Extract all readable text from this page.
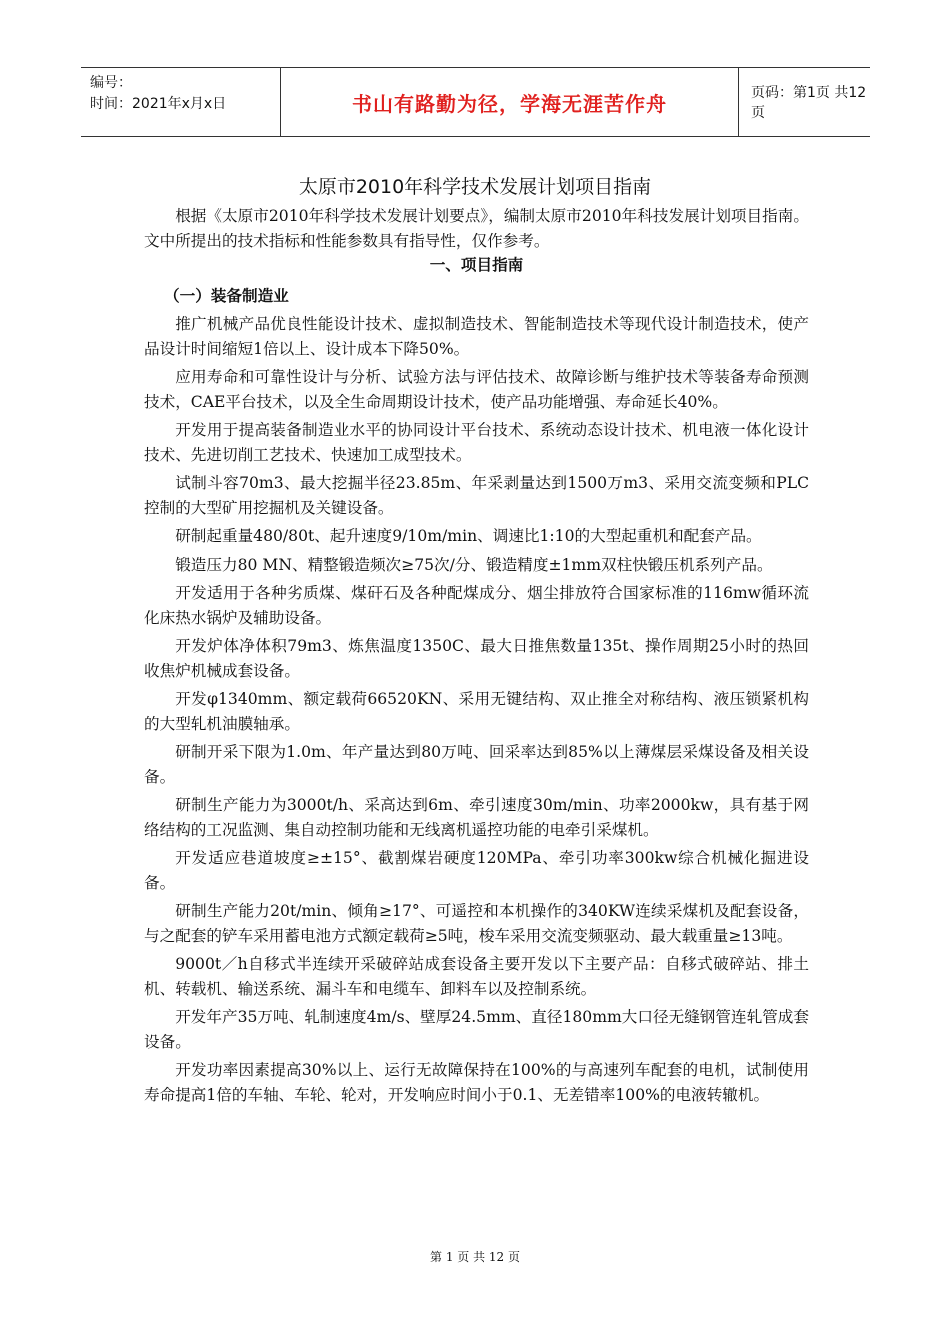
编号：
时间：2021年x月x日	书山有路勤为径，学海无涯苦作舟	页码：第1页 共12页
太原市2010年科学技术发展计划项目指南

根据《太原市2010年科学技术发展计划要点》，编制太原市2010年科技发展计划项目指南。文中所提出的技术指标和性能参数具有指导性，仅作参考。

一、项目指南
（一）装备制造业

推广机械产品优良性能设计技术、虚拟制造技术、智能制造技术等现代设计制造技术，使产品设计时间缩短1倍以上、设计成本下降50%。

应用寿命和可靠性设计与分析、试验方法与评估技术、故障诊断与维护技术等装备寿命预测技术，CAE平台技术，以及全生命周期设计技术，使产品功能增强、寿命延长40%。

开发用于提高装备制造业水平的协同设计平台技术、系统动态设计技术、机电液一体化设计技术、先进切削工艺技术、快速加工成型技术。

试制斗容70m3、最大挖掘半径23.85m、年采剥量达到1500万m3、采用交流变频和PLC控制的大型矿用挖掘机及关键设备。

研制起重量480/80t、起升速度9/10m/min、调速比1:10的大型起重机和配套产品。

锻造压力80 MN、精整锻造频次≥75次/分、锻造精度±1mm双柱快锻压机系列产品。

开发适用于各种劣质煤、煤矸石及各种配煤成分、烟尘排放符合国家标准的116mw循环流化床热水锅炉及辅助设备。

开发炉体净体积79m3、炼焦温度1350C、最大日推焦数量135t、操作周期25小时的热回收焦炉机械成套设备。

开发φ1340mm、额定载荷66520KN、采用无键结构、双止推全对称结构、液压锁紧机构的大型轧机油膜轴承。

研制开采下限为1.0m、年产量达到80万吨、回采率达到85%以上薄煤层采煤设备及相关设备。

研制生产能力为3000t/h、采高达到6m、牵引速度30m/min、功率2000kw，具有基于网络结构的工况监测、集自动控制功能和无线离机遥控功能的电牵引采煤机。

开发适应巷道坡度≥±15°、截割煤岩硬度120MPa、牵引功率300kw综合机械化掘进设备。

研制生产能力20t/min、倾角≥17°、可遥控和本机操作的340KW连续采煤机及配套设备，与之配套的铲车采用蓄电池方式额定载荷≥5吨，梭车采用交流变频驱动、最大载重量≥13吨。

9000t／h自移式半连续开采破碎站成套设备主要开发以下主要产品：自移式破碎站、排土机、转载机、输送系统、漏斗车和电缆车、卸料车以及控制系统。

开发年产35万吨、轧制速度4m/s、壁厚24.5mm、直径180mm大口径无缝钢管连轧管成套设备。

开发功率因素提高30%以上、运行无故障保持在100%的与高速列车配套的电机，试制使用寿命提高1倍的车轴、车轮、轮对，开发响应时间小于0.1、无差错率100%的电液转辙机。

第 1 页 共 12 页
